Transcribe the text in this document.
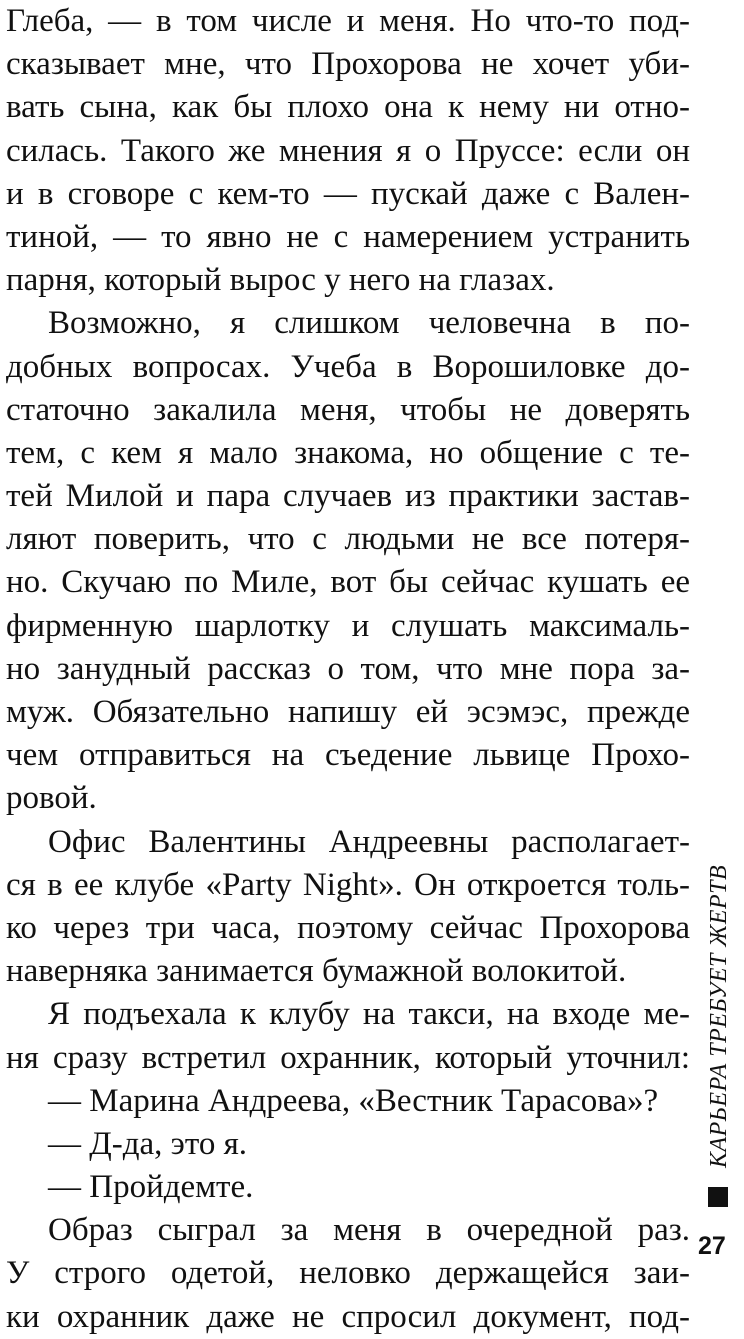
Глеба, — в том числе и меня. Но что-то под-
сказывает мне, что Прохорова не хочет уби-
вать сына, как бы плохо она к нему ни отно-
силась. Такого же мнения я о Пруссе: если он
и в сговоре с кем-то — пускай даже с Вален-
тиной, — то явно не с намерением устранить
парня, который вырос у него на глазах.
Возможно, я слишком человечна в по-
добных вопросах. Учеба в Ворошиловке до-
статочно закалила меня, чтобы не доверять
тем, с кем я мало знакома, но общение с те-
тей Милой и пара случаев из практики застав-
ляют поверить, что с людьми не все потеря-
но. Скучаю по Миле, вот бы сейчас кушать ее
фирменную шарлотку и слушать максималь-
но занудный рассказ о том, что мне пора за-
муж. Обязательно напишу ей эсэмэс, прежде
чем отправиться на съедение львице Прохо-
ровой.
Офис Валентины Андреевны располагает-
ся в ее клубе «Party Night». Он откроется толь-
ко через три часа, поэтому сейчас Прохорова
наверняка занимается бумажной волокитой.
Я подъехала к клубу на такси, на входе ме-
ня сразу встретил охранник, который уточнил:
— Марина Андреева, «Вестник Тарасова»?
— Д-да, это я.
— Пройдемте.
Образ сыграл за меня в очередной раз.
У строго одетой, неловко держащейся заи-
ки охранник даже не спросил документ, под-
КАРЬЕРА ТРЕБУЕТ ЖЕРТВ
27
